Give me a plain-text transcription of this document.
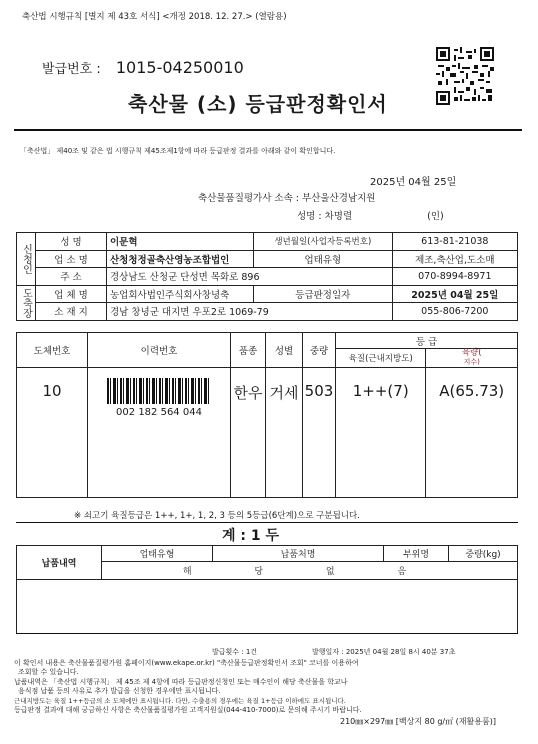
축산법 시행규칙 [별지 제 43호 서식] <개정 2018. 12. 27.> (열람용)
발급번호 : 1015-04250010
축산물 (소) 등급판정확인서
「축산법」 제40조 및 같은 법 시행규칙 제45조제1항에 따라 등급판정 결과를 아래와 같이 확인합니다.
2025년 04월 25일
축산물품질평가사 소속 : 부산울산경남지원
성명 : 차명렬	(인)
신청인	성 명	이문혁	생년월일(사업자등록번호)	613-81-21038
	업 소 명	산청청정골축산영농조합법인	업태유형	제조,축산업,도소매
	주 소	경상남도 산청군 단성면 목화로 896		070-8994-8971
도축장	업 체 명	농업회사법인주식회사창녕축	등급판정일자	2025년 04월 25일
	소 재 지	경남 창녕군 대지면 우포2로 1069-79		055-806-7200
도체번호	이력번호	품종	성별	중량	등 급	
					육질(근내지방도)	육량(
지수)
10	002 182 564 044	한우	거세	503	1++(7)	A(65.73)
※ 쇠고기 육질등급은 1++, 1+, 1, 2, 3 등의 5등급(6단계)으로 구분됩니다.
계 : 1 두
납품내역	업태유형	납품처명	부위명	중량(kg)
해 당 없 음

발급횟수 : 1건	발행일자 : 2025년 04월 28일 8시 40분 37초
이 확인서 내용은 축산물품질평가원 홈페이지(www.ekape.or.kr) "축산물등급판정확인서 조회" 코너를 이용하여
조회할 수 있습니다.
납품내역은 「축산법 시행규칙」 제 45조 제 4항에 따라 등급판정신청인 또는 매수인이 해당 축산물을 학교나
음식점 납품 등의 사유로 추가 발급을 신청한 경우에만 표시됩니다.
근내지방도는 육질 1++등급의 소 도체에만 표시됩니다. 다만, 수출용의 경우에는 육질 1+등급 이하에도 표시됩니다.
등급판정 결과에 대해 궁금하신 사항은 축산물품질평가원 고객지원실(044-410-7000)로 문의해 주시기 바랍니다.
210㎜×297㎜ [백상지 80 g/㎡ (재활용품)]
